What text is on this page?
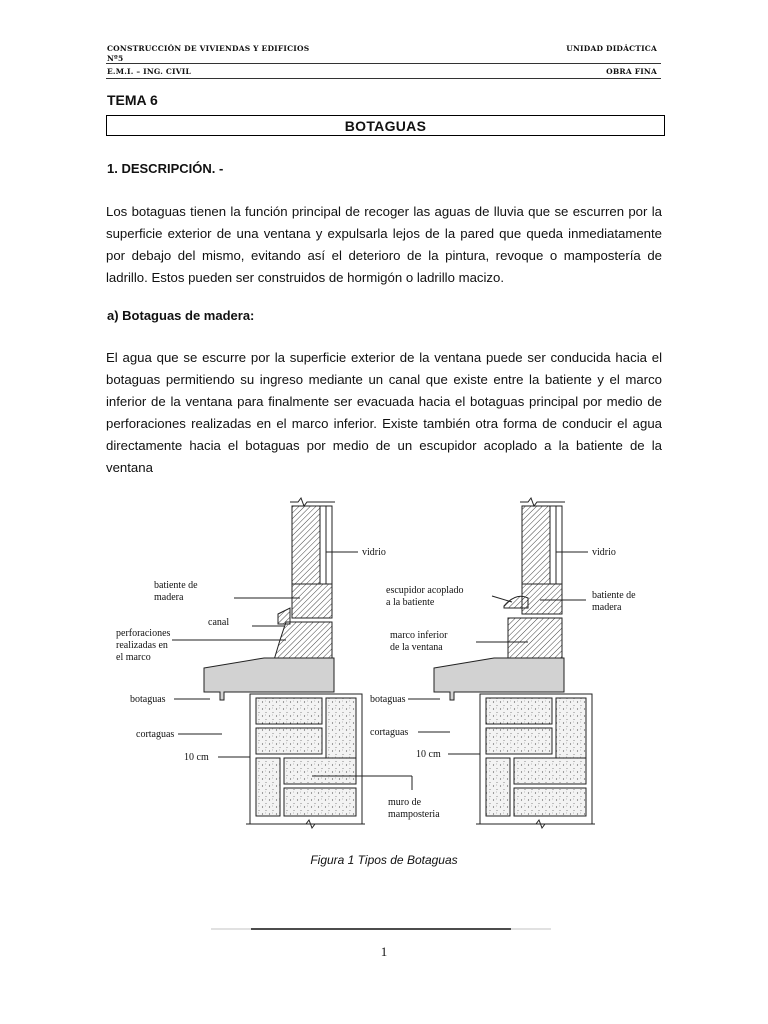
CONSTRUCCIÓN DE VIVIENDAS Y EDIFICIOS
Nº5
E.M.I. – ING. CIVIL
UNIDAD DIDÁCTICA
OBRA FINA
TEMA 6
BOTAGUAS
1. DESCRIPCIÓN. -
Los botaguas tienen la función principal de recoger las aguas de lluvia que se escurren por la superficie exterior de una ventana y expulsarla lejos de la pared que queda inmediatamente por debajo del mismo, evitando así el deterioro de la pintura, revoque o mampostería de ladrillo. Estos pueden ser construidos de hormigón o ladrillo macizo.
a) Botaguas de madera:
El agua que se escurre por la superficie exterior de la ventana puede ser conducida hacia el botaguas permitiendo su ingreso mediante un canal que existe entre la batiente y el marco inferior de la ventana para finalmente ser evacuada hacia el botaguas principal por medio de perforaciones realizadas en el marco inferior. Existe también otra forma de conducir el agua directamente hacia el botaguas por medio de un escupidor acoplado a la batiente de la ventana
vidrio
batiente de
madera
canal
perforaciones
realizadas en
el marco
botaguas
cortaguas
10 cm
muro de
mamposteria
vidrio
escupidor acoplado
a la batiente
batiente de
madera
marco inferior
de la ventana
botaguas
cortaguas
10 cm
Figura 1 Tipos de Botaguas
1
